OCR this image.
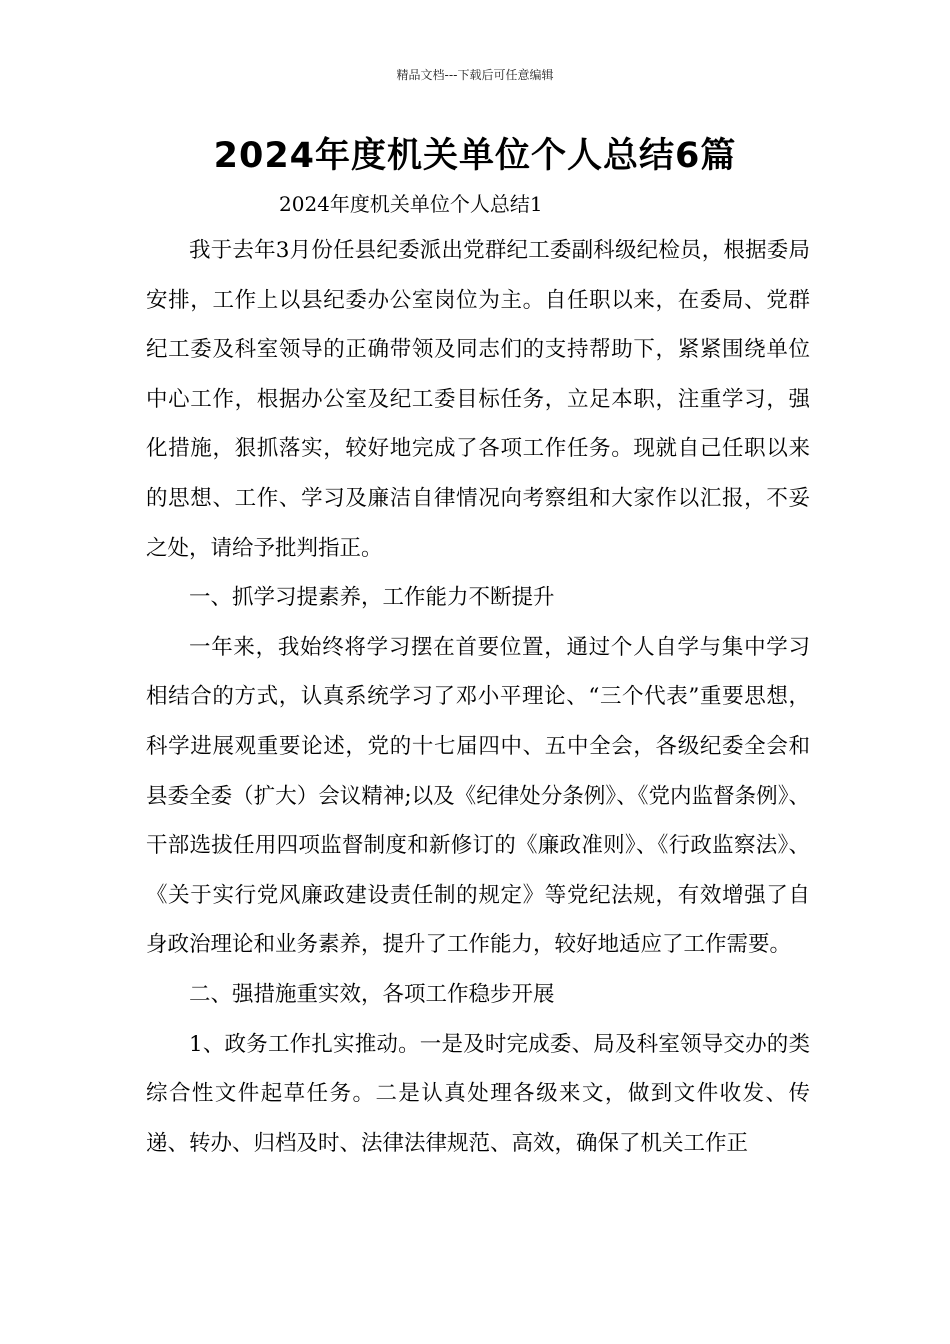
精品文档---下载后可任意编辑
2024年度机关单位个人总结6篇
2024年度机关单位个人总结1

我于去年3月份任县纪委派出党群纪工委副科级纪检员，根据委局安排，工作上以县纪委办公室岗位为主。自任职以来，在委局、党群纪工委及科室领导的正确带领及同志们的支持帮助下，紧紧围绕单位中心工作，根据办公室及纪工委目标任务，立足本职，注重学习，强化措施，狠抓落实，较好地完成了各项工作任务。现就自己任职以来的思想、工作、学习及廉洁自律情况向考察组和大家作以汇报，不妥之处，请给予批判指正。

一、抓学习提素养，工作能力不断提升

一年来，我始终将学习摆在首要位置，通过个人自学与集中学习相结合的方式，认真系统学习了邓小平理论、“三个代表”重要思想，科学进展观重要论述，党的十七届四中、五中全会，各级纪委全会和县委全委（扩大）会议精神;以及《纪律处分条例》、《党内监督条例》、干部选拔任用四项监督制度和新修订的《廉政准则》、《行政监察法》、《关于实行党风廉政建设责任制的规定》等党纪法规，有效增强了自身政治理论和业务素养，提升了工作能力，较好地适应了工作需要。

二、强措施重实效，各项工作稳步开展

1、政务工作扎实推动。一是及时完成委、局及科室领导交办的类综合性文件起草任务。二是认真处理各级来文，做到文件收发、传递、转办、归档及时、法律法律规范、高效，确保了机关工作正
